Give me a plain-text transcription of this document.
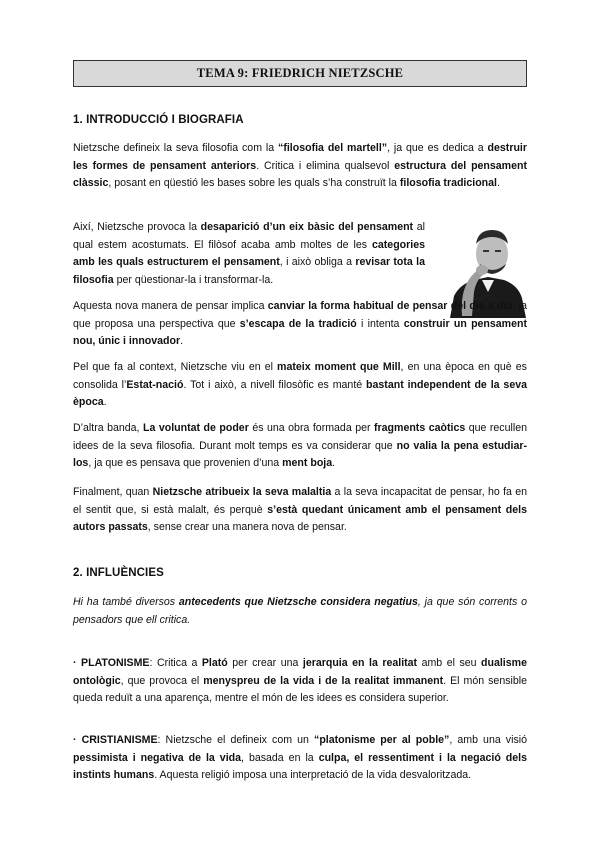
TEMA 9: FRIEDRICH NIETZSCHE
1. INTRODUCCIÓ I BIOGRAFIA
Nietzsche defineix la seva filosofia com la “filosofia del martell”, ja que es dedica a destruir les formes de pensament anteriors. Critica i elimina qualsevol estructura del pensament clàssic, posant en qüestió les bases sobre les quals s’ha construït la filosofia tradicional.
Així, Nietzsche provoca la desaparició d’un eix bàsic del pensament al qual estem acostumats. El filòsof acaba amb moltes de les categories amb les quals estructurem el pensament, i això obliga a revisar tota la filosofia per qüestionar-la i transformar-la.
Aquesta nova manera de pensar implica canviar la forma habitual de pensar del dia a dia, ja que proposa una perspectiva que s’escapa de la tradició i intenta construir un pensament nou, únic i innovador.
Pel que fa al context, Nietzsche viu en el mateix moment que Mill, en una època en què es consolida l’Estat-nació. Tot i això, a nivell filosòfic es manté bastant independent de la seva època.
D’altra banda, La voluntat de poder és una obra formada per fragments caòtics que recullen idees de la seva filosofia. Durant molt temps es va considerar que no valia la pena estudiar-los, ja que es pensava que provenien d’una ment boja.
Finalment, quan Nietzsche atribueix la seva malaltia a la seva incapacitat de pensar, ho fa en el sentit que, si està malalt, és perquè s’està quedant únicament amb el pensament dels autors passats, sense crear una manera nova de pensar.
2. INFLUÈNCIES
Hi ha també diversos antecedents que Nietzsche considera negatius, ja que són corrents o pensadors que ell critica.
· PLATONISME: Critica a Plató per crear una jerarquia en la realitat amb el seu dualisme ontològic, que provoca el menyspreu de la vida i de la realitat immanent. El món sensible queda reduït a una aparença, mentre el món de les idees es considera superior.
· CRISTIANISME: Nietzsche el defineix com un “platonisme per al poble”, amb una visió pessimista i negativa de la vida, basada en la culpa, el ressentiment i la negació dels instints humans. Aquesta religió imposa una interpretació de la vida desvaloritzada.
